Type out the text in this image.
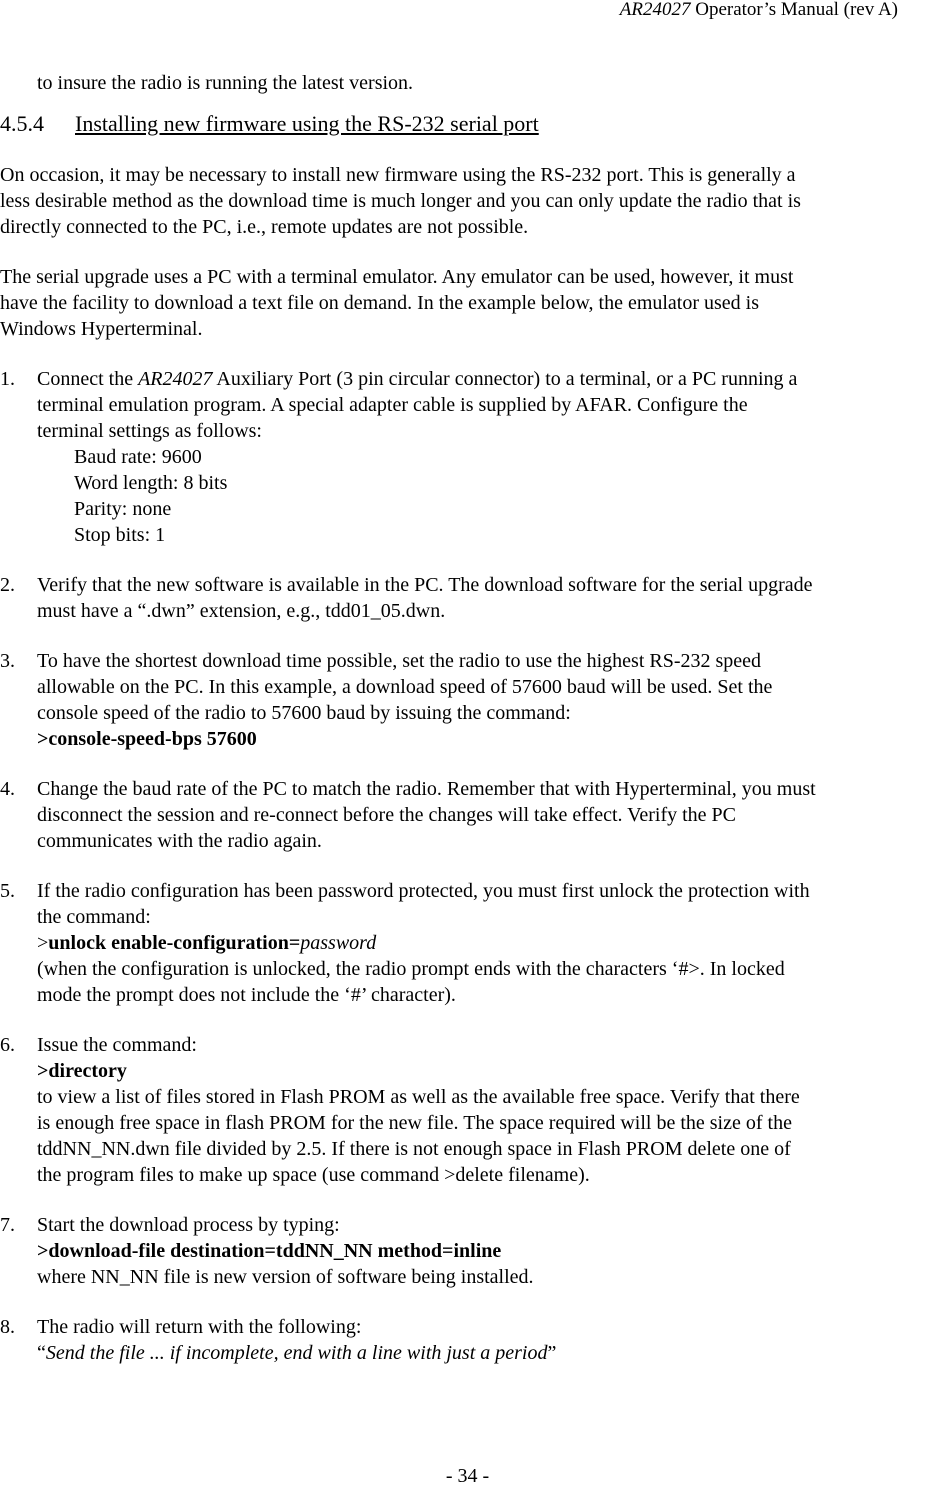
AR24027 Operator’s Manual (rev A)

to insure the radio is running the latest version.

4.5.4 Installing new firmware using the RS-232 serial port

On occasion, it may be necessary to install new firmware using the RS-232 port. This is generally a
less desirable method as the download time is much longer and you can only update the radio that is
directly connected to the PC, i.e., remote updates are not possible.
The serial upgrade uses a PC with a terminal emulator. Any emulator can be used, however, it must
have the facility to download a text file on demand. In the example below, the emulator used is
Windows Hyperterminal.
1. Connect the AR24027 Auxiliary Port (3 pin circular connector) to a terminal, or a PC running a
terminal emulation program. A special adapter cable is supplied by AFAR. Configure the
terminal settings as follows:
Baud rate: 9600
Word length: 8 bits
Parity: none
Stop bits: 1
2. Verify that the new software is available in the PC. The download software for the serial upgrade
must have a “.dwn” extension, e.g., tdd01_05.dwn.
3. To have the shortest download time possible, set the radio to use the highest RS-232 speed
allowable on the PC. In this example, a download speed of 57600 baud will be used. Set the
console speed of the radio to 57600 baud by issuing the command:
>console-speed-bps 57600
4. Change the baud rate of the PC to match the radio. Remember that with Hyperterminal, you must
disconnect the session and re-connect before the changes will take effect. Verify the PC
communicates with the radio again.
5. If the radio configuration has been password protected, you must first unlock the protection with
the command:
>unlock enable-configuration=password
(when the configuration is unlocked, the radio prompt ends with the characters ‘#>. In locked
mode the prompt does not include the ‘#’ character).
6. Issue the command:
>directory
to view a list of files stored in Flash PROM as well as the available free space. Verify that there
is enough free space in flash PROM for the new file. The space required will be the size of the
tddNN_NN.dwn file divided by 2.5. If there is not enough space in Flash PROM delete one of
the program files to make up space (use command >delete filename).
7. Start the download process by typing:
>download-file destination=tddNN_NN method=inline
where NN_NN file is new version of software being installed.
8. The radio will return with the following:
“Send the file ... if incomplete, end with a line with just a period”
- 34 -
